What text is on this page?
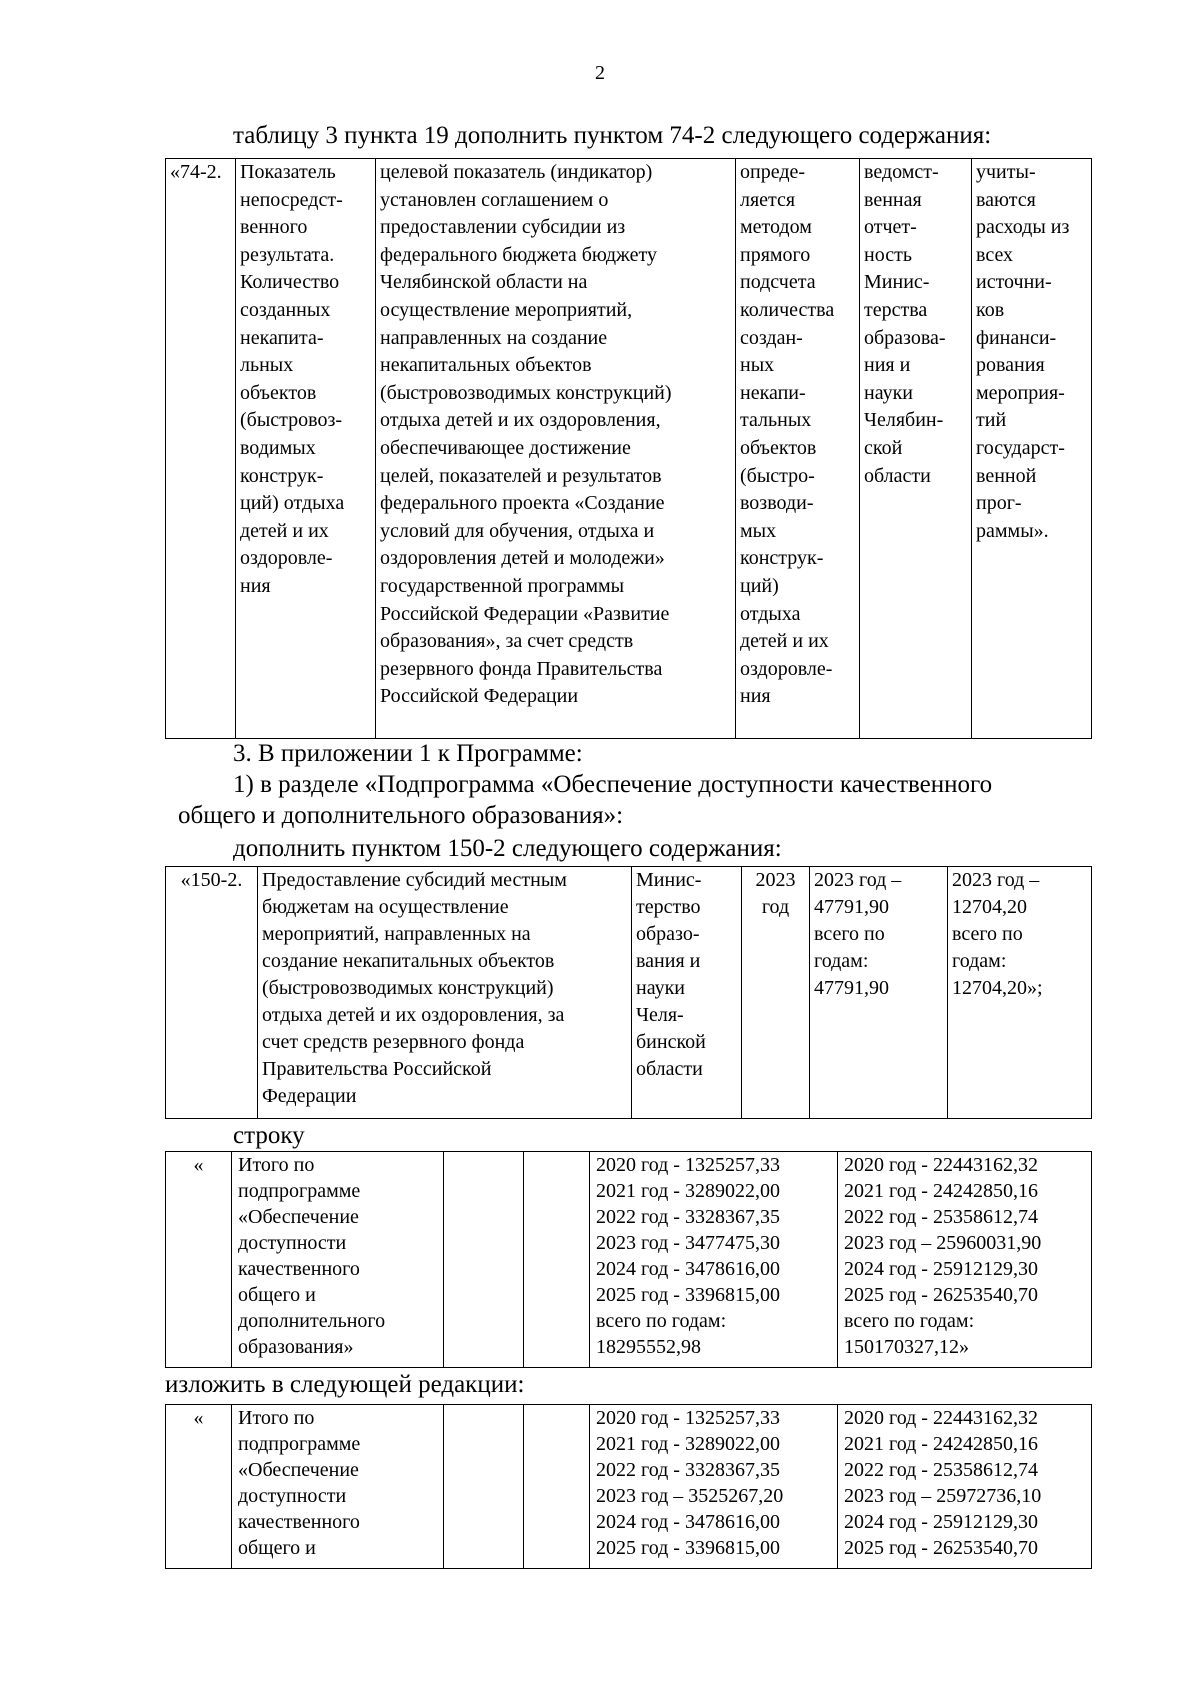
2

таблицу 3 пункта 19 дополнить пунктом 74-2 следующего содержания:

«74-2.	Показатель
непосредст-
венного
результата.
Количество
созданных
некапита-
льных
объектов
(быстровоз-
водимых
конструк-
ций) отдыха
детей и их
оздоровле-
ния	целевой показатель (индикатор)
установлен соглашением о
предоставлении субсидии из
федерального бюджета бюджету
Челябинской области на
осуществление мероприятий,
направленных на создание
некапитальных объектов
(быстровозводимых конструкций)
отдыха детей и их оздоровления,
обеспечивающее достижение
целей, показателей и результатов
федерального проекта «Создание
условий для обучения, отдыха и
оздоровления детей и молодежи»
государственной программы
Российской Федерации «Развитие
образования», за счет средств
резервного фонда Правительства
Российской Федерации	опреде-
ляется
методом
прямого
подсчета
количества
создан-
ных
некапи-
тальных
объектов
(быстро-
возводи-
мых
конструк-
ций)
отдыха
детей и их
оздоровле-
ния	ведомст-
венная
отчет-
ность
Минис-
терства
образова-
ния и
науки
Челябин-
ской
области	учиты-
ваются
расходы из
всех
источни-
ков
финанси-
рования
мероприя-
тий
государст-
венной
прог-
раммы».

3. В приложении 1 к Программе:

1) в разделе «Подпрограмма «Обеспечение доступности качественного

общего и дополнительного образования»:

дополнить пунктом 150-2 следующего содержания:

«150-2.	Предоставление субсидий местным
бюджетам на осуществление
мероприятий, направленных на
создание некапитальных объектов
(быстровозводимых конструкций)
отдыха детей и их оздоровления, за
счет средств резервного фонда
Правительства Российской
Федерации	Минис-
терство
образо-
вания и
науки
Челя-
бинской
области	2023
год	2023 год –
47791,90
всего по
годам:
47791,90	2023 год –
12704,20
всего по
годам:
12704,20»;

строку

«	Итого по
подпрограмме
«Обеспечение
доступности
качественного
общего и
дополнительного
образования»			2020 год - 1325257,33
2021 год - 3289022,00
2022 год - 3328367,35
2023 год - 3477475,30
2024 год - 3478616,00
2025 год - 3396815,00
всего по годам:
18295552,98	2020 год - 22443162,32
2021 год - 24242850,16
2022 год - 25358612,74
2023 год – 25960031,90
2024 год - 25912129,30
2025 год - 26253540,70
всего по годам:
150170327,12»

изложить в следующей редакции:

«	Итого по
подпрограмме
«Обеспечение
доступности
качественного
общего и			2020 год - 1325257,33
2021 год - 3289022,00
2022 год - 3328367,35
2023 год – 3525267,20
2024 год - 3478616,00
2025 год - 3396815,00	2020 год - 22443162,32
2021 год - 24242850,16
2022 год - 25358612,74
2023 год – 25972736,10
2024 год - 25912129,30
2025 год - 26253540,70
